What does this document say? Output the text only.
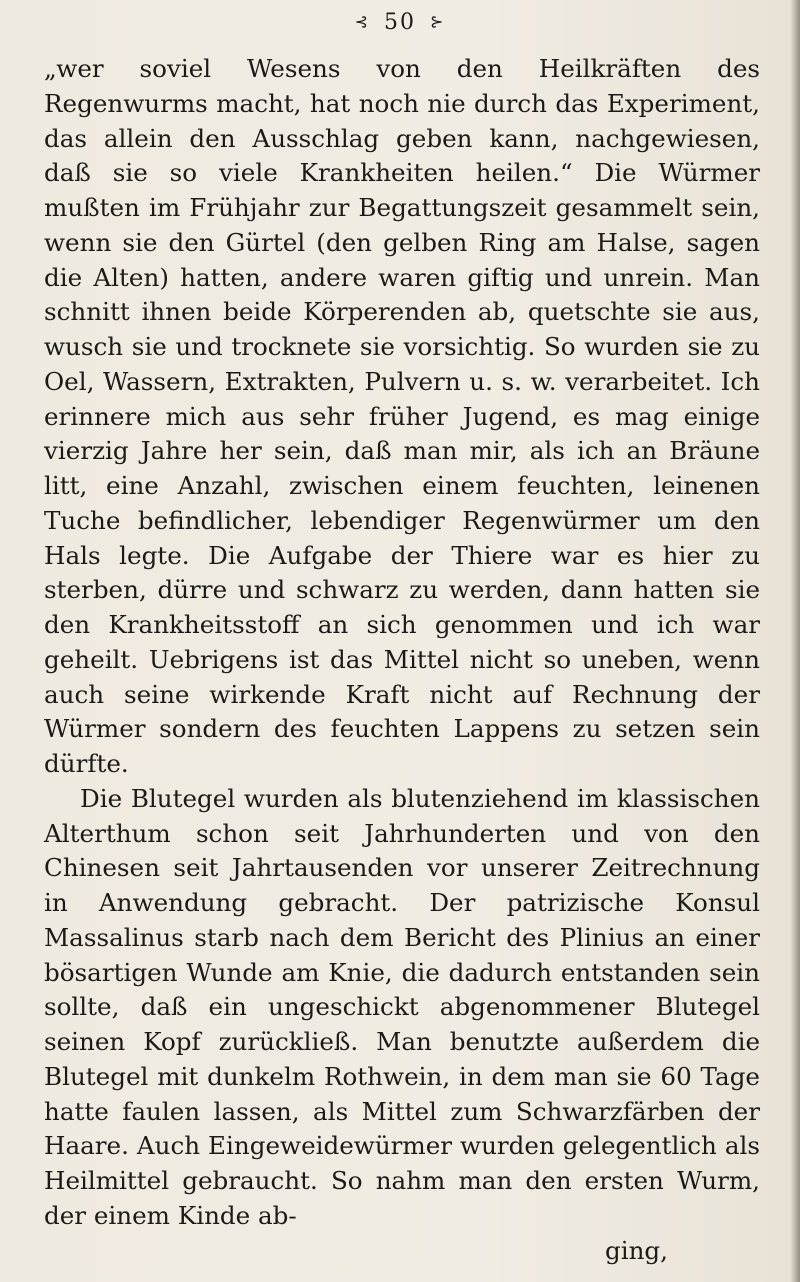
⊰ 50 ⊱

„wer soviel Wesens von den Heilkräften des Regenwurms macht, hat noch nie durch das Experiment, das allein den Ausschlag geben kann, nachgewiesen, daß sie so viele Krankheiten heilen.“ Die Würmer mußten im Frühjahr zur Begattungszeit gesammelt sein, wenn sie den Gürtel (den gelben Ring am Halse, sagen die Alten) hatten, andere waren giftig und unrein. Man schnitt ihnen beide Körperenden ab, quetschte sie aus, wusch sie und trocknete sie vorsichtig. So wurden sie zu Oel, Wassern, Extrakten, Pulvern u. s. w. verarbeitet. Ich erinnere mich aus sehr früher Jugend, es mag einige vierzig Jahre her sein, daß man mir, als ich an Bräune litt, eine Anzahl, zwischen einem feuchten, leinenen Tuche befindlicher, lebendiger Regenwürmer um den Hals legte. Die Aufgabe der Thiere war es hier zu sterben, dürre und schwarz zu werden, dann hatten sie den Krankheitsstoff an sich genommen und ich war geheilt. Uebrigens ist das Mittel nicht so uneben, wenn auch seine wirkende Kraft nicht auf Rechnung der Würmer sondern des feuchten Lappens zu setzen sein dürfte.

Die Blutegel wurden als blutenziehend im klassischen Alterthum schon seit Jahrhunderten und von den Chinesen seit Jahrtausenden vor unserer Zeitrechnung in Anwendung gebracht. Der patrizische Konsul Massalinus starb nach dem Bericht des Plinius an einer bösartigen Wunde am Knie, die dadurch entstanden sein sollte, daß ein ungeschickt abgenommener Blutegel seinen Kopf zurückließ. Man benutzte außerdem die Blutegel mit dunkelm Rothwein, in dem man sie 60 Tage hatte faulen lassen, als Mittel zum Schwarzfärben der Haare. Auch Eingeweidewürmer wurden gelegentlich als Heilmittel gebraucht. So nahm man den ersten Wurm, der einem Kinde ab-

ging,
